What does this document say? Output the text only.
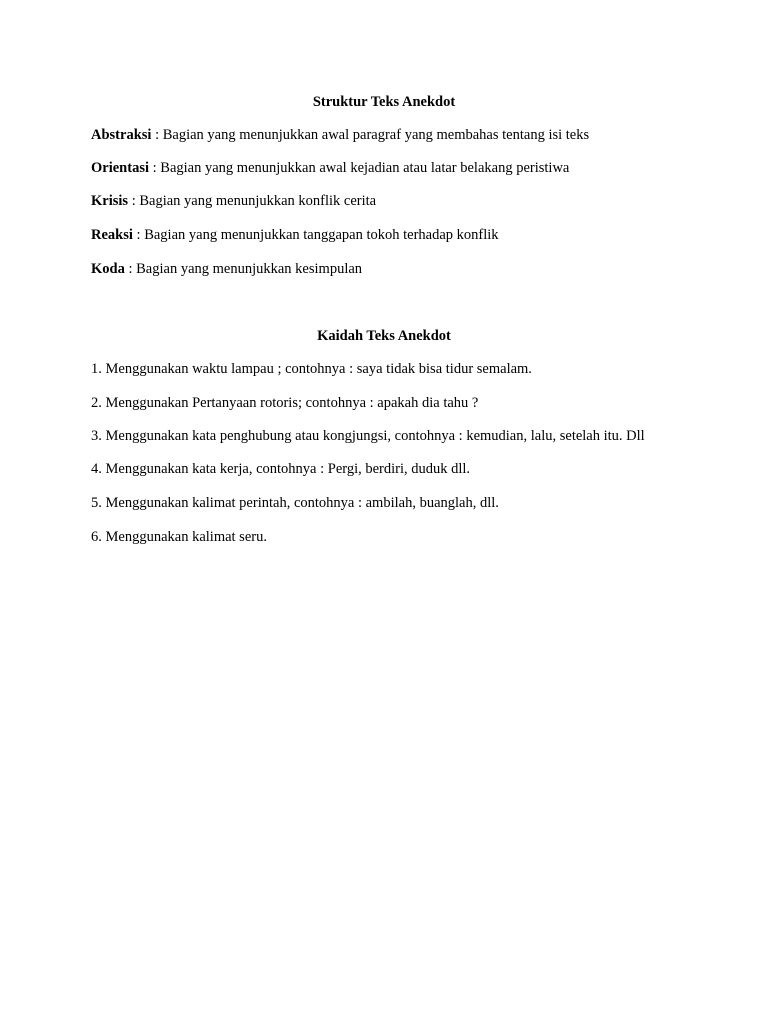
Struktur Teks Anekdot
Abstraksi : Bagian yang menunjukkan awal paragraf yang membahas tentang isi teks
Orientasi : Bagian yang menunjukkan awal kejadian atau latar belakang peristiwa
Krisis : Bagian yang menunjukkan konflik cerita
Reaksi : Bagian yang menunjukkan tanggapan tokoh terhadap konflik
Koda : Bagian yang menunjukkan kesimpulan
Kaidah Teks Anekdot
1. Menggunakan waktu lampau ; contohnya : saya tidak bisa tidur semalam.
2. Menggunakan Pertanyaan rotoris; contohnya : apakah dia tahu ?
3. Menggunakan kata penghubung atau kongjungsi, contohnya : kemudian, lalu, setelah itu. Dll
4. Menggunakan kata kerja, contohnya : Pergi, berdiri, duduk dll.
5. Menggunakan kalimat perintah, contohnya : ambilah, buanglah, dll.
6. Menggunakan kalimat seru.
